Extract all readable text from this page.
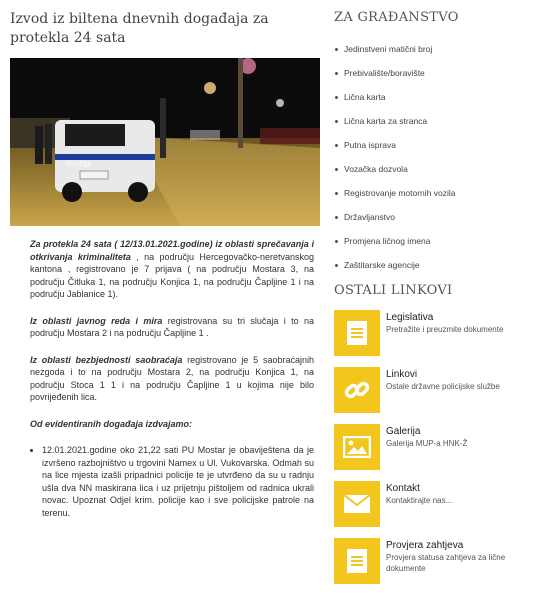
Izvod iz biltena dnevnih događaja za protekla 24 sata
POLICIJA

Za protekla 24 sata ( 12/13.01.2021.godine) iz oblasti sprečavanja i otkrivanja kriminaliteta , na području Hercegovačko-neretvanskog kantona , registrovano je 7 prijava ( na području Mostara 3, na području Čitluka 1, na području Konjica 1, na području Čapljine 1 i na području Jablanice 1).

Iz oblasti javnog reda i mira registrovana su tri slučaja i to na području Mostara 2 i na području Čapljine 1 .

Iz oblasti bezbjednosti saobraćaja registrovano je 5 saobraćajnih nezgoda i to na području Mostara 2, na području Konjica 1, na području Stoca 1 1 i na području Čapljine 1 u kojima nije bilo povrijeđenih lica.

Od evidentiranih događaja izdvajamo:

• 12.01.2021.godine oko 21,22 sati PU Mostar je obaviještena da je izvršeno razbojništvo u trgovini Namex u Ul. Vukovarska. Odmah su na lice mjesta izašli pripadnici policije te je utvrđeno da su u radnju ušla dva NN maskirana lica i uz prijetnju pištoljem od radnica ukrali novac. Upoznat Odjel krim. policije kao i sve policijske patrole na terenu.
ZA GRAĐANSTVO
Jedinstveni matični broj
Prebivalište/boravište
Lična karta
Lična karta za stranca
Putna isprava
Vozačka dozvola
Registrovanje motornih vozila
Državljanstvo
Promjena ličnog imena
Zaštitarske agencije
OSTALI LINKOVI
Legislativa
Pretražite i preuzmite dokumente
Linkovi
Ostale državne policijske službe
Galerija
Galerija MUP-a HNK-Ž
Kontakt
Kontaktirajte nas...
Provjera zahtjeva
Provjera statusa zahtjeva za lične dokumente
